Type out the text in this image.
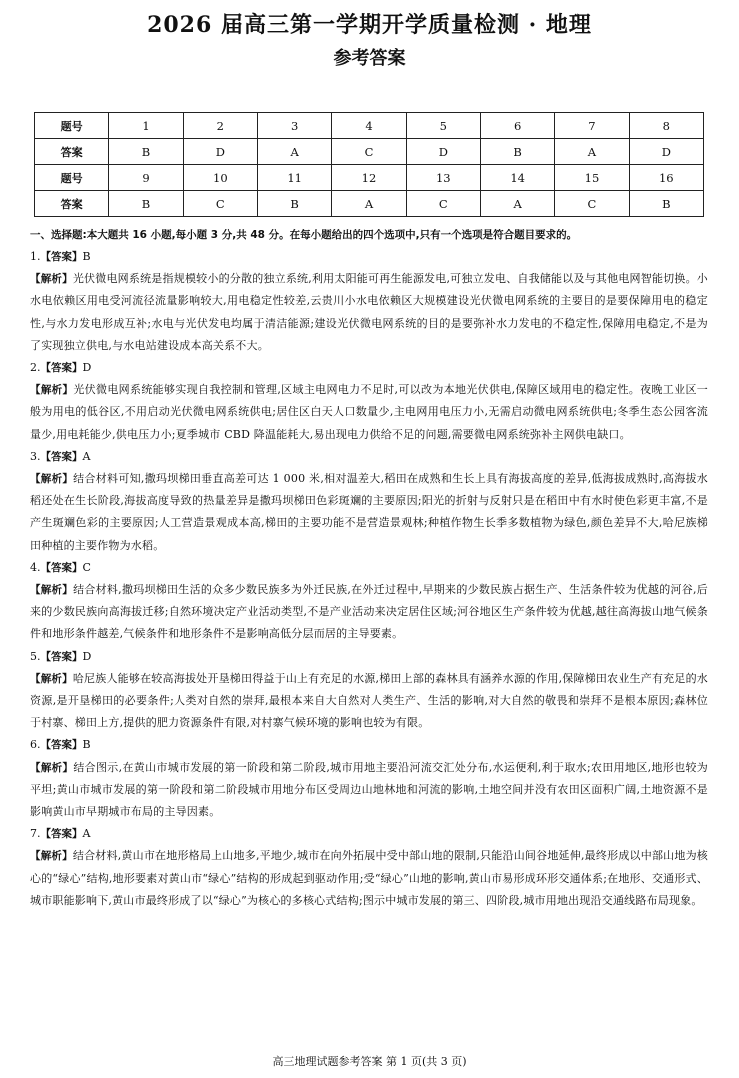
2026 届高三第一学期开学质量检测 · 地理
参考答案
题号	1	2	3	4	5	6	7	8
答案	B	D	A	C	D	B	A	D
题号	9	10	11	12	13	14	15	16
答案	B	C	B	A	C	A	C	B
一、选择题:本大题共 16 小题,每小题 3 分,共 48 分。在每小题给出的四个选项中,只有一个选项是符合题目要求的。
1.【答案】B
【解析】光伏微电网系统是指规模较小的分散的独立系统,利用太阳能可再生能源发电,可独立发电、自我储能以及与其他电网智能切换。小水电依赖区用电受河流径流量影响较大,用电稳定性较差,云贵川小水电依赖区大规模建设光伏微电网系统的主要目的是要保障用电的稳定性,与水力发电形成互补;水电与光伏发电均属于清洁能源;建设光伏微电网系统的目的是要弥补水力发电的不稳定性,保障用电稳定,不是为了实现独立供电,与水电站建设成本高关系不大。
2.【答案】D
【解析】光伏微电网系统能够实现自我控制和管理,区域主电网电力不足时,可以改为本地光伏供电,保障区域用电的稳定性。夜晚工业区一般为用电的低谷区,不用启动光伏微电网系统供电;居住区白天人口数量少,主电网用电压力小,无需启动微电网系统供电;冬季生态公园客流量少,用电耗能少,供电压力小;夏季城市 CBD 降温能耗大,易出现电力供给不足的问题,需要微电网系统弥补主网供电缺口。
3.【答案】A
【解析】结合材料可知,撒玛坝梯田垂直高差可达 1 000 米,相对温差大,稻田在成熟和生长上具有海拔高度的差异,低海拔成熟时,高海拔水稻还处在生长阶段,海拔高度导致的热量差异是撒玛坝梯田色彩斑斓的主要原因;阳光的折射与反射只是在稻田中有水时使色彩更丰富,不是产生斑斓色彩的主要原因;人工营造景观成本高,梯田的主要功能不是营造景观林;种植作物生长季多数植物为绿色,颜色差异不大,哈尼族梯田种植的主要作物为水稻。
4.【答案】C
【解析】结合材料,撒玛坝梯田生活的众多少数民族多为外迁民族,在外迁过程中,早期来的少数民族占据生产、生活条件较为优越的河谷,后来的少数民族向高海拔迁移;自然环境决定产业活动类型,不是产业活动来决定居住区域;河谷地区生产条件较为优越,越往高海拔山地气候条件和地形条件越差,气候条件和地形条件不是影响高低分层而居的主导要素。
5.【答案】D
【解析】哈尼族人能够在较高海拔处开垦梯田得益于山上有充足的水源,梯田上部的森林具有涵养水源的作用,保障梯田农业生产有充足的水资源,是开垦梯田的必要条件;人类对自然的崇拜,最根本来自大自然对人类生产、生活的影响,对大自然的敬畏和崇拜不是根本原因;森林位于村寨、梯田上方,提供的肥力资源条件有限,对村寨气候环境的影响也较为有限。
6.【答案】B
【解析】结合图示,在黄山市城市发展的第一阶段和第二阶段,城市用地主要沿河流交汇处分布,水运便利,利于取水;农田用地区,地形也较为平坦;黄山市城市发展的第一阶段和第二阶段城市用地分布区受周边山地林地和河流的影响,土地空间并没有农田区面积广阔,土地资源不是影响黄山市早期城市布局的主导因素。
7.【答案】A
【解析】结合材料,黄山市在地形格局上山地多,平地少,城市在向外拓展中受中部山地的限制,只能沿山间谷地延伸,最终形成以中部山地为核心的“绿心”结构,地形要素对黄山市“绿心”结构的形成起到驱动作用;受“绿心”山地的影响,黄山市易形成环形交通体系;在地形、交通形式、城市职能影响下,黄山市最终形成了以“绿心”为核心的多核心式结构;图示中城市发展的第三、四阶段,城市用地出现沿交通线路布局现象。
高三地理试题参考答案 第 1 页(共 3 页)
